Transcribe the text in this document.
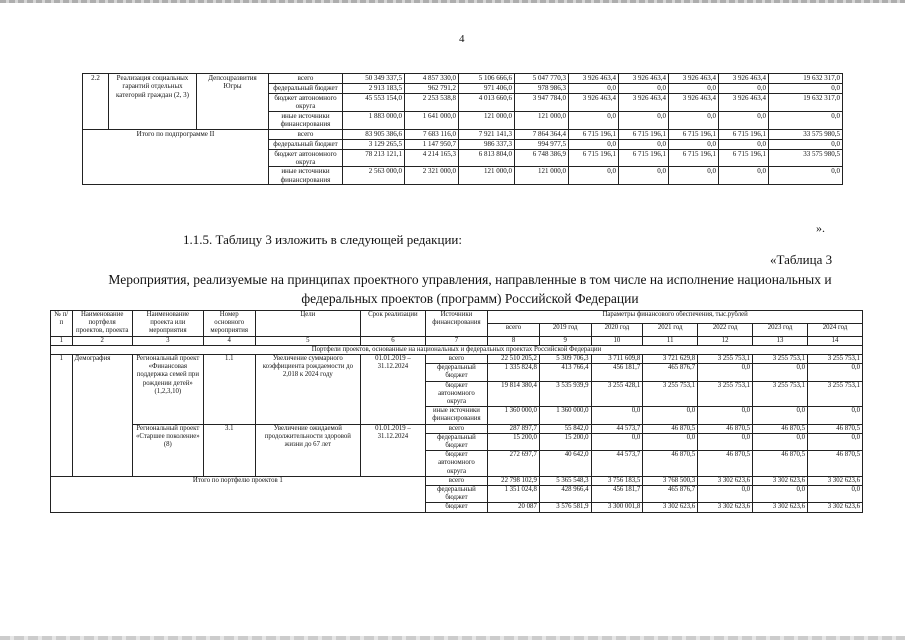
4
2.2	Реализация социальных гарантий отдельных категорий граждан (2, 3)	Депсоцразвития Югры	всего	50 349 337,5	4 857 330,0	5 106 666,6	5 047 770,3	3 926 463,4	3 926 463,4	3 926 463,4	3 926 463,4	19 632 317,0
			федеральный бюджет	2 913 183,5	962 791,2	971 406,0	978 986,3	0,0	0,0	0,0	0,0	0,0
			бюджет автономного округа	45 553 154,0	2 253 538,8	4 013 660,6	3 947 784,0	3 926 463,4	3 926 463,4	3 926 463,4	3 926 463,4	19 632 317,0
			иные источники финансирования	1 883 000,0	1 641 000,0	121 000,0	121 000,0	0,0	0,0	0,0	0,0	0,0
Итого по подпрограмме II			всего	83 905 386,6	7 683 116,0	7 921 141,3	7 864 364,4	6 715 196,1	6 715 196,1	6 715 196,1	6 715 196,1	33 575 980,5
			федеральный бюджет	3 129 265,5	1 147 950,7	986 337,3	994 977,5	0,0	0,0	0,0	0,0	0,0
			бюджет автономного округа	78 213 121,1	4 214 165,3	6 813 804,0	6 748 386,9	6 715 196,1	6 715 196,1	6 715 196,1	6 715 196,1	33 575 980,5
			иные источники финансирования	2 563 000,0	2 321 000,0	121 000,0	121 000,0	0,0	0,0	0,0	0,0	0,0
».
1.1.5. Таблицу 3 изложить в следующей редакции:
«Таблица 3
Мероприятия, реализуемые на принципах проектного управления, направленные в том числе на исполнение национальных и федеральных проектов (программ) Российской Федерации
№ п/п	Наименование портфеля проектов, проекта	Наименование проекта или мероприятия	Номер основного мероприятия	Цели	Срок реализации	Источники финансирования	Параметры финансового обеспечения, тыс.рублей						
							всего	2019 год	2020 год	2021 год	2022 год	2023 год	2024 год
1	2	3	4	5	6	7	8	9	10	11	12	13	14
Портфели проектов, основанные на национальных и федеральных проектах Российской Федерации													
1	Демография	Региональный проект «Финансовая поддержка семей при рождении детей» (1,2,3,10)	1.1	Увеличение суммарного коэффициента рождаемости до 2,018 к 2024 году	01.01.2019 – 31.12.2024	всего	22 510 205,2	5 309 706,3	3 711 609,8	3 721 629,8	3 255 753,1	3 255 753,1	3 255 753,1
						федеральный бюджет	1 335 824,8	413 766,4	456 181,7	465 876,7	0,0	0,0	0,0
						бюджет автономного округа	19 814 380,4	3 535 939,9	3 255 428,1	3 255 753,1	3 255 753,1	3 255 753,1	3 255 753,1
						иные источники финансирования	1 360 000,0	1 360 000,0	0,0	0,0	0,0	0,0	0,0
		Региональный проект «Старшее поколение» (8)	3.1	Увеличение ожидаемой продолжительности здоровой жизни до 67 лет	01.01.2019 – 31.12.2024	всего	287 897,7	55 842,0	44 573,7	46 870,5	46 870,5	46 870,5	46 870,5
						федеральный бюджет	15 200,0	15 200,0	0,0	0,0	0,0	0,0	0,0
						бюджет автономного округа	272 697,7	40 642,0	44 573,7	46 870,5	46 870,5	46 870,5	46 870,5
Итого по портфелю проектов 1						всего	22 798 102,9	5 365 548,3	3 756 183,5	3 768 500,3	3 302 623,6	3 302 623,6	3 302 623,6
						федеральный бюджет	1 351 024,8	428 966,4	456 181,7	465 876,7	0,0	0,0	0,0
						бюджет	20 087	3 576 581,9	3 300 001,8	3 302 623,6	3 302 623,6	3 302 623,6	3 302 623,6
